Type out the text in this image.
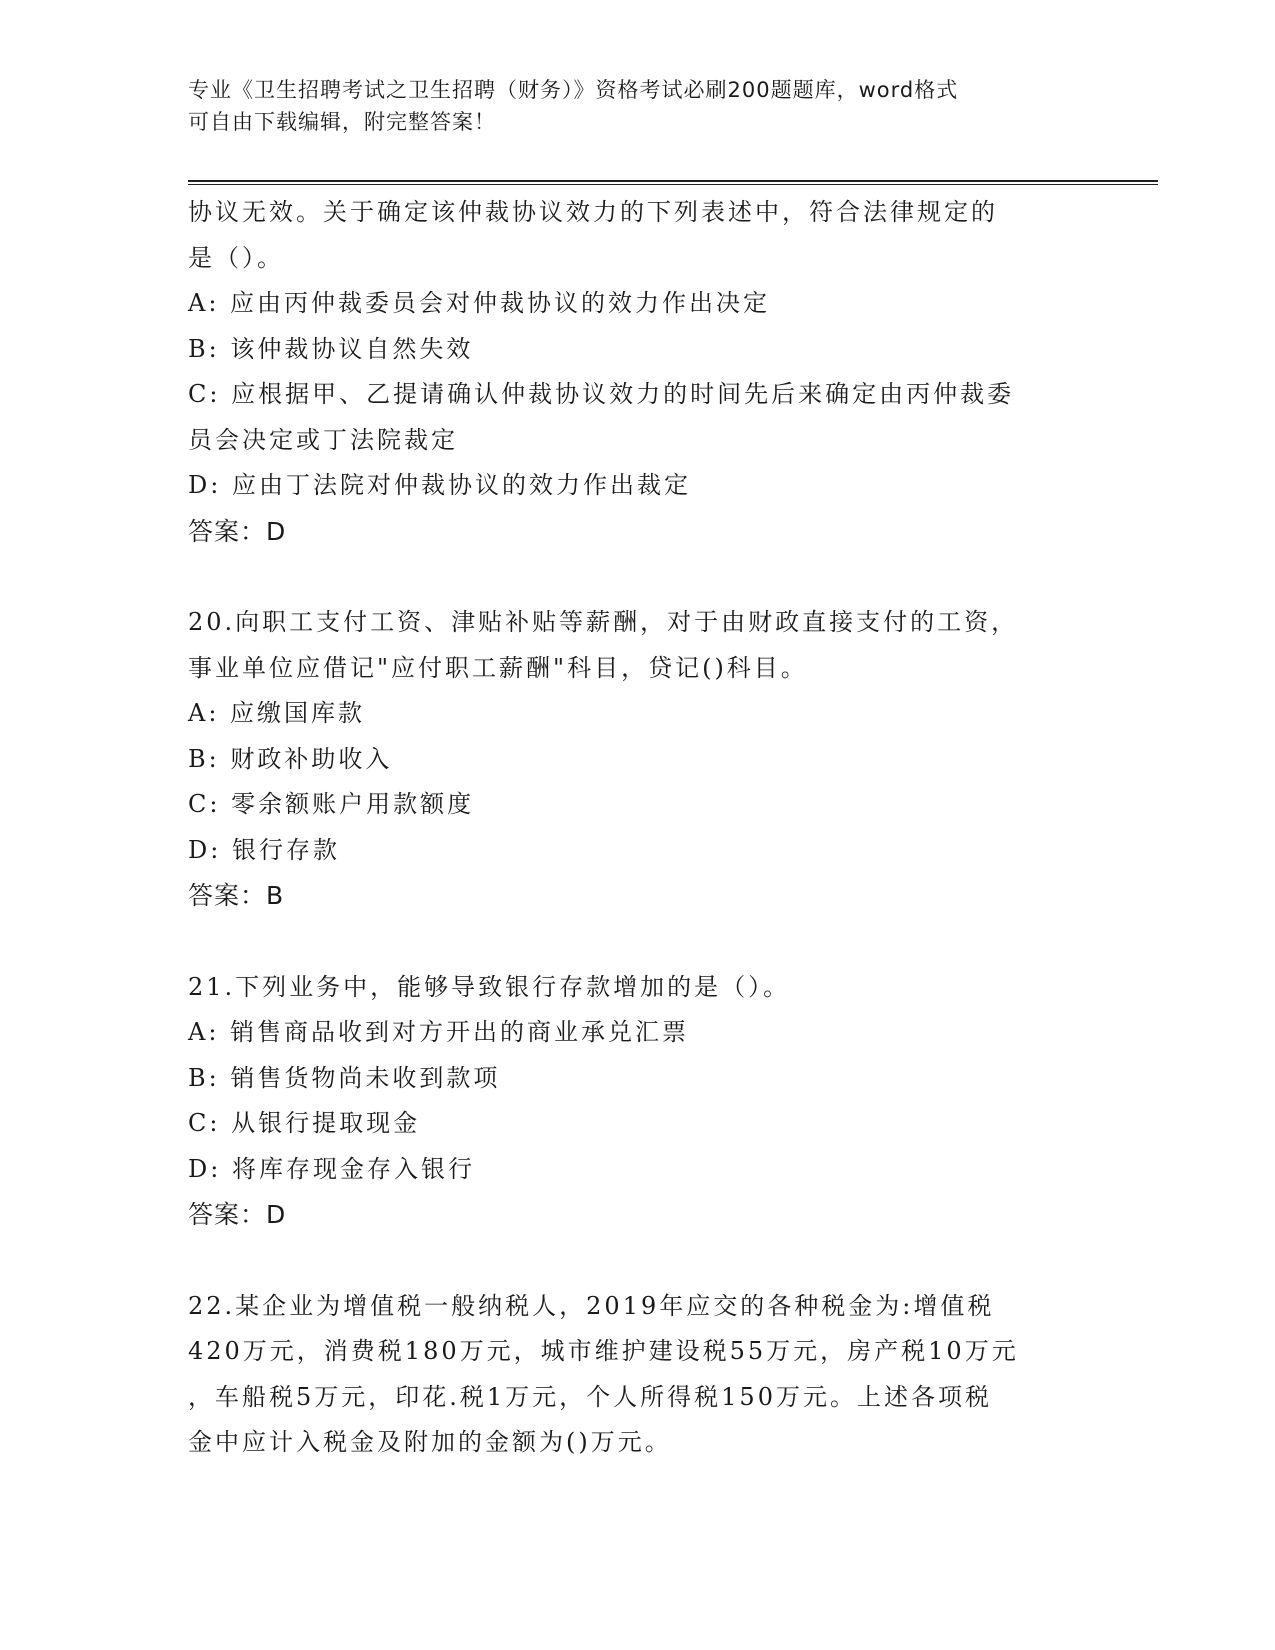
专业《卫生招聘考试之卫生招聘（财务）》资格考试必刷200题题库，word格式
可自由下载编辑，附完整答案！
协议无效。关于确定该仲裁协议效力的下列表述中，符合法律规定的
是（）。
A: 应由丙仲裁委员会对仲裁协议的效力作出决定
B: 该仲裁协议自然失效
C: 应根据甲、乙提请确认仲裁协议效力的时间先后来确定由丙仲裁委
员会决定或丁法院裁定
D: 应由丁法院对仲裁协议的效力作出裁定
答案：D
20.向职工支付工资、津贴补贴等薪酬，对于由财政直接支付的工资，
事业单位应借记"应付职工薪酬"科目，贷记()科目。
A: 应缴国库款
B: 财政补助收入
C: 零余额账户用款额度
D: 银行存款
答案：B
21.下列业务中，能够导致银行存款增加的是（）。
A: 销售商品收到对方开出的商业承兑汇票
B: 销售货物尚未收到款项
C: 从银行提取现金
D: 将库存现金存入银行
答案：D
22.某企业为增值税一般纳税人，2019年应交的各种税金为:增值税
420万元，消费税180万元，城市维护建设税55万元，房产税10万元
，车船税5万元，印花.税1万元，个人所得税150万元。上述各项税
金中应计入税金及附加的金额为()万元。
